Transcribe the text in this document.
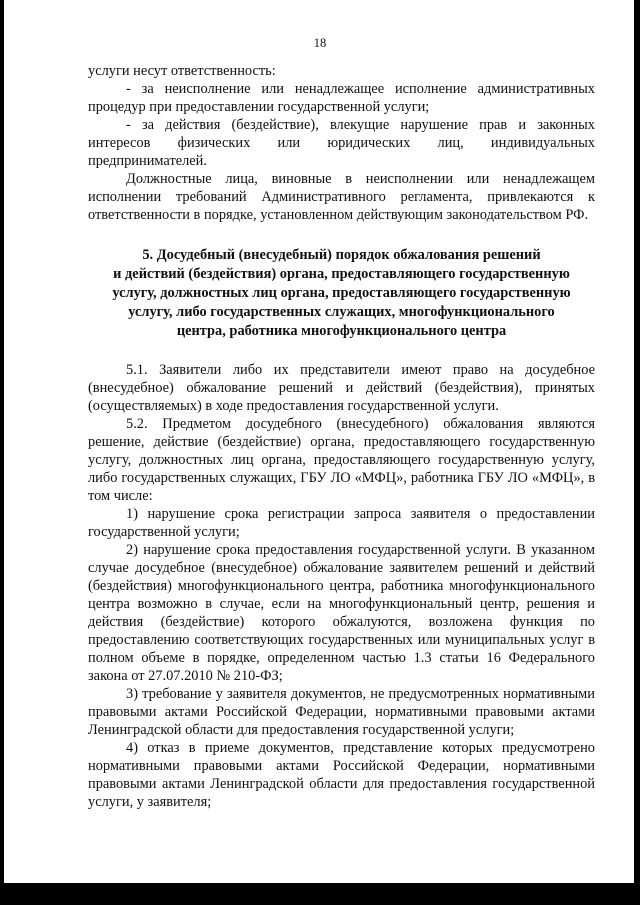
18

услуги несут ответственность:

- за неисполнение или ненадлежащее исполнение административных процедур при предоставлении государственной услуги;

- за действия (бездействие), влекущие нарушение прав и законных интересов физических или юридических лиц, индивидуальных предпринимателей.

Должностные лица, виновные в неисполнении или ненадлежащем исполнении требований Административного регламента, привлекаются к ответственности в порядке, установленном действующим законодательством РФ.

5. Досудебный (внесудебный) порядок обжалования решений
и действий (бездействия) органа, предоставляющего государственную
услугу, должностных лиц органа, предоставляющего государственную
услугу, либо государственных служащих, многофункционального
центра, работника многофункционального центра

5.1. Заявители либо их представители имеют право на досудебное (внесудебное) обжалование решений и действий (бездействия), принятых (осуществляемых) в ходе предоставления государственной услуги.

5.2. Предметом досудебного (внесудебного) обжалования являются решение, действие (бездействие) органа, предоставляющего государственную услугу, должностных лиц органа, предоставляющего государственную услугу, либо государственных служащих, ГБУ ЛО «МФЦ», работника ГБУ ЛО «МФЦ», в том числе:

1) нарушение срока регистрации запроса заявителя о предоставлении государственной услуги;

2) нарушение срока предоставления государственной услуги. В указанном случае досудебное (внесудебное) обжалование заявителем решений и действий (бездействия) многофункционального центра, работника многофункционального центра возможно в случае, если на многофункциональный центр, решения и действия (бездействие) которого обжалуются, возложена функция по предоставлению соответствующих государственных или муниципальных услуг в полном объеме в порядке, определенном частью 1.3 статьи 16 Федерального закона от 27.07.2010 № 210-ФЗ;

3) требование у заявителя документов, не предусмотренных нормативными правовыми актами Российской Федерации, нормативными правовыми актами Ленинградской области для предоставления государственной услуги;

4) отказ в приеме документов, представление которых предусмотрено нормативными правовыми актами Российской Федерации, нормативными правовыми актами Ленинградской области для предоставления государственной услуги, у заявителя;
